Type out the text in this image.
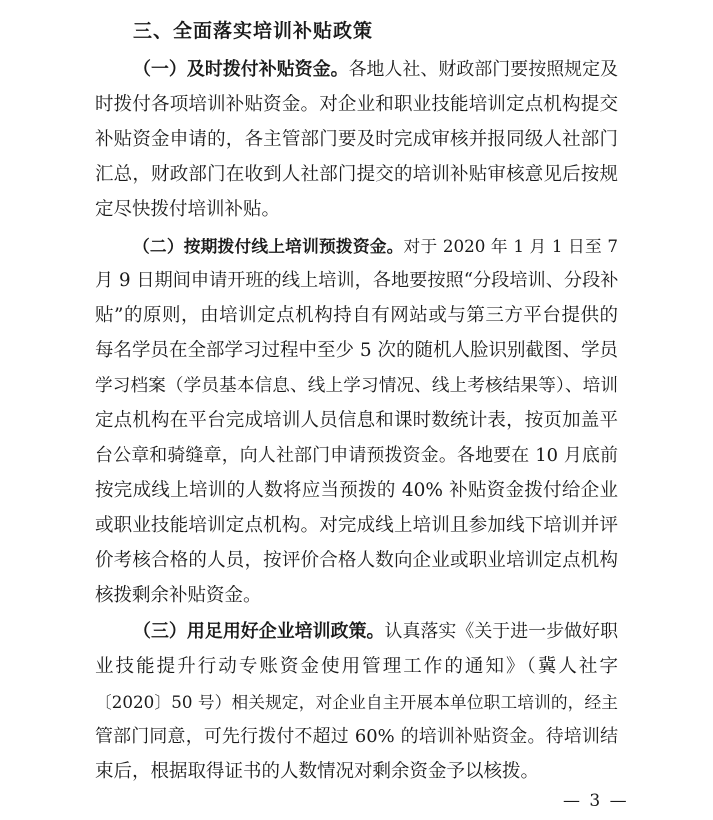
三、全面落实培训补贴政策
（一）及时拨付补贴资金。各地人社、财政部门要按照规定及
时拨付各项培训补贴资金。对企业和职业技能培训定点机构提交
补贴资金申请的，各主管部门要及时完成审核并报同级人社部门
汇总，财政部门在收到人社部门提交的培训补贴审核意见后按规
定尽快拨付培训补贴。
（二）按期拨付线上培训预拨资金。对于 2020 年 1 月 1 日至 7
月 9 日期间申请开班的线上培训，各地要按照“分段培训、分段补
贴”的原则，由培训定点机构持自有网站或与第三方平台提供的
每名学员在全部学习过程中至少 5 次的随机人脸识别截图、学员
学习档案（学员基本信息、线上学习情况、线上考核结果等）、培训
定点机构在平台完成培训人员信息和课时数统计表，按页加盖平
台公章和骑缝章，向人社部门申请预拨资金。各地要在 10 月底前
按完成线上培训的人数将应当预拨的 40% 补贴资金拨付给企业
或职业技能培训定点机构。对完成线上培训且参加线下培训并评
价考核合格的人员，按评价合格人数向企业或职业培训定点机构
核拨剩余补贴资金。
（三）用足用好企业培训政策。认真落实《关于进一步做好职
业技能提升行动专账资金使用管理工作的通知》（冀人社字
〔2020〕50 号）相关规定，对企业自主开展本单位职工培训的，经主
管部门同意，可先行拨付不超过 60% 的培训补贴资金。待培训结
束后，根据取得证书的人数情况对剩余资金予以核拨。
— 3 —
